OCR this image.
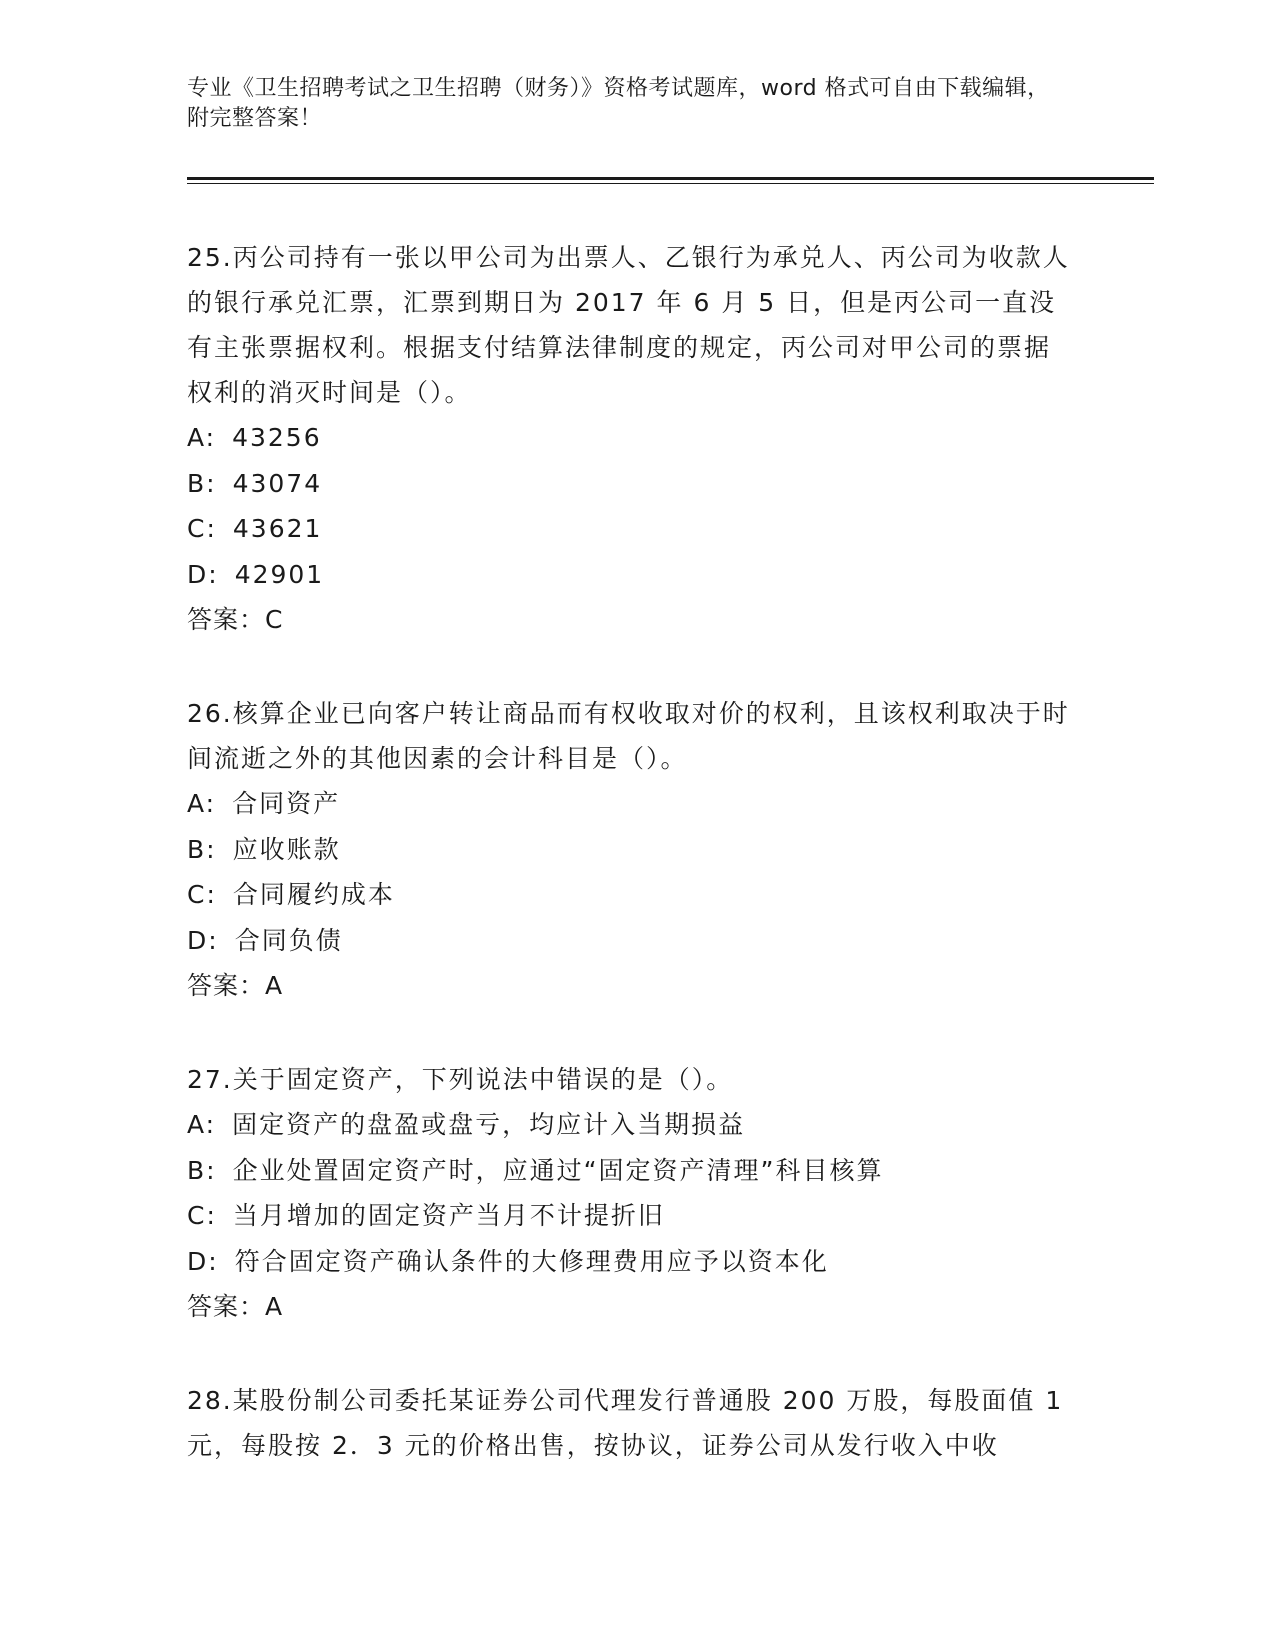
专业《卫生招聘考试之卫生招聘（财务）》资格考试题库，word 格式可自由下载编辑，附完整答案！
25.丙公司持有一张以甲公司为出票人、乙银行为承兑人、丙公司为收款人的银行承兑汇票，汇票到期日为 2017 年 6 月 5 日，但是丙公司一直没有主张票据权利。根据支付结算法律制度的规定，丙公司对甲公司的票据权利的消灭时间是（）。
A: 43256
B: 43074
C: 43621
D: 42901
答案：C
26.核算企业已向客户转让商品而有权收取对价的权利，且该权利取决于时间流逝之外的其他因素的会计科目是（）。
A: 合同资产
B: 应收账款
C: 合同履约成本
D: 合同负债
答案：A
27.关于固定资产，下列说法中错误的是（）。
A: 固定资产的盘盈或盘亏，均应计入当期损益
B: 企业处置固定资产时，应通过“固定资产清理”科目核算
C: 当月增加的固定资产当月不计提折旧
D: 符合固定资产确认条件的大修理费用应予以资本化
答案：A
28.某股份制公司委托某证券公司代理发行普通股 200 万股，每股面值 1 元，每股按 2．3 元的价格出售，按协议，证券公司从发行收入中收
